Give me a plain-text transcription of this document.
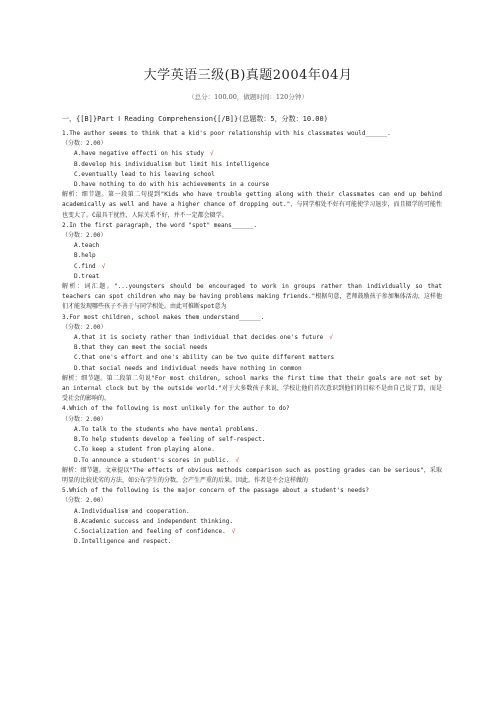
大学英语三级(B)真题2004年04月
（总分：100.00，做题时间：120分钟）
一、{[B]}Part Ⅰ Reading Comprehension{[/B]}(总题数：5，分数：10.00)
1.The author seems to think that a kid's poor relationship with his classmates would______.
（分数：2.00）
A.have negative effecti on his study √
B.develop his individualism but limit his intelligence
C.eventually lead to his leaving school
D.have nothing to do with his achievements in a course
解析：细节题。第一段第二句提到"Kids who have trouble getting along with their classmates can end up behind academically as well and have a higher chance of dropping out."，与同学相处不好有可能使学习退步，而且辍学的可能性也变大了。C最具干扰性，人际关系不好，并不一定都会辍学。
2.In the first paragraph, the word "spot" means______.
（分数：2.00）
A.teach
B.help
C.find √
D.treat
解析：词汇题。"...youngsters should be encouraged to work in groups rather than individually so that teachers can spot children who may be having problems making friends."根据句意，老师鼓励孩子参加集体活动，这样他们才能发现哪些孩子不善于与同学相处。由此可推断spot意为
3.For most children, school makes them understand______.
（分数：2.00）
A.that it is society rather than individual that decides one's future √
B.that they can meet the social needs
C.that one's effort and one's ability can be two quite different matters
D.that social needs and individual needs have nothing in common
解析：细节题。第二段第二句说"For most children, school marks the first time that their goals are not set by an internal clock but by the outside world."对于大多数孩子来说，学校让他们首次意识到他们的目标不是由自己说了算，而是受社会的影响的。
4.Which of the following is most unlikely for the author to do?
（分数：2.00）
A.To talk to the students who have mental problems.
B.To help students develop a feeling of self-respect.
C.To keep a student from playing alone.
D.To announce a student's scores in public. √
解析：细节题。文章提以"The effects of obvious methods comparison such as posting grades can be serious"，采取明显的比较优劣的方法，如公布学生的分数，会产生严重的后果。因此，作者是不会这样做的
5.Which of the following is the major concern of the passage about a student's needs?
（分数：2.00）
A.Individualism and cooperation.
B.Academic success and independent thinking.
C.Socialization and feeling of confidence. √
D.Intelligence and respect.
